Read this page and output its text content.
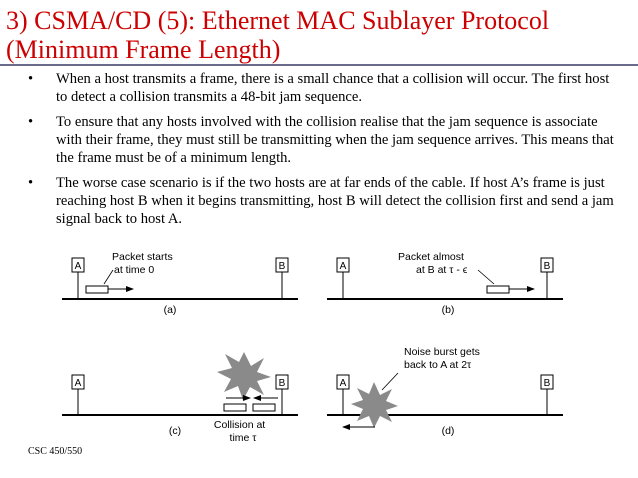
3) CSMA/CD (5): Ethernet MAC Sublayer Protocol
(Minimum Frame Length)
• When a host transmits a frame, there is a small chance that a collision will occur. The first host to detect a collision transmits a 48-bit jam sequence.
• To ensure that any hosts involved with the collision realise that the jam sequence is associate with their frame, they must still be transmitting when the jam sequence arrives. This means that the frame must be of a minimum length.
• The worse case scenario is if the two hosts are at far ends of the cable. If host A’s frame is just reaching host B when it begins transmitting, host B will detect the collision first and send a jam signal back to host A.
A	B
Packet starts at time 0
(a)
A	B
Packet almost at B at τ - ϵ
(b)
A	B
(c)	Collision at time τ
A	B
Noise burst gets back to A at 2τ
(d)
CSC 450/550
